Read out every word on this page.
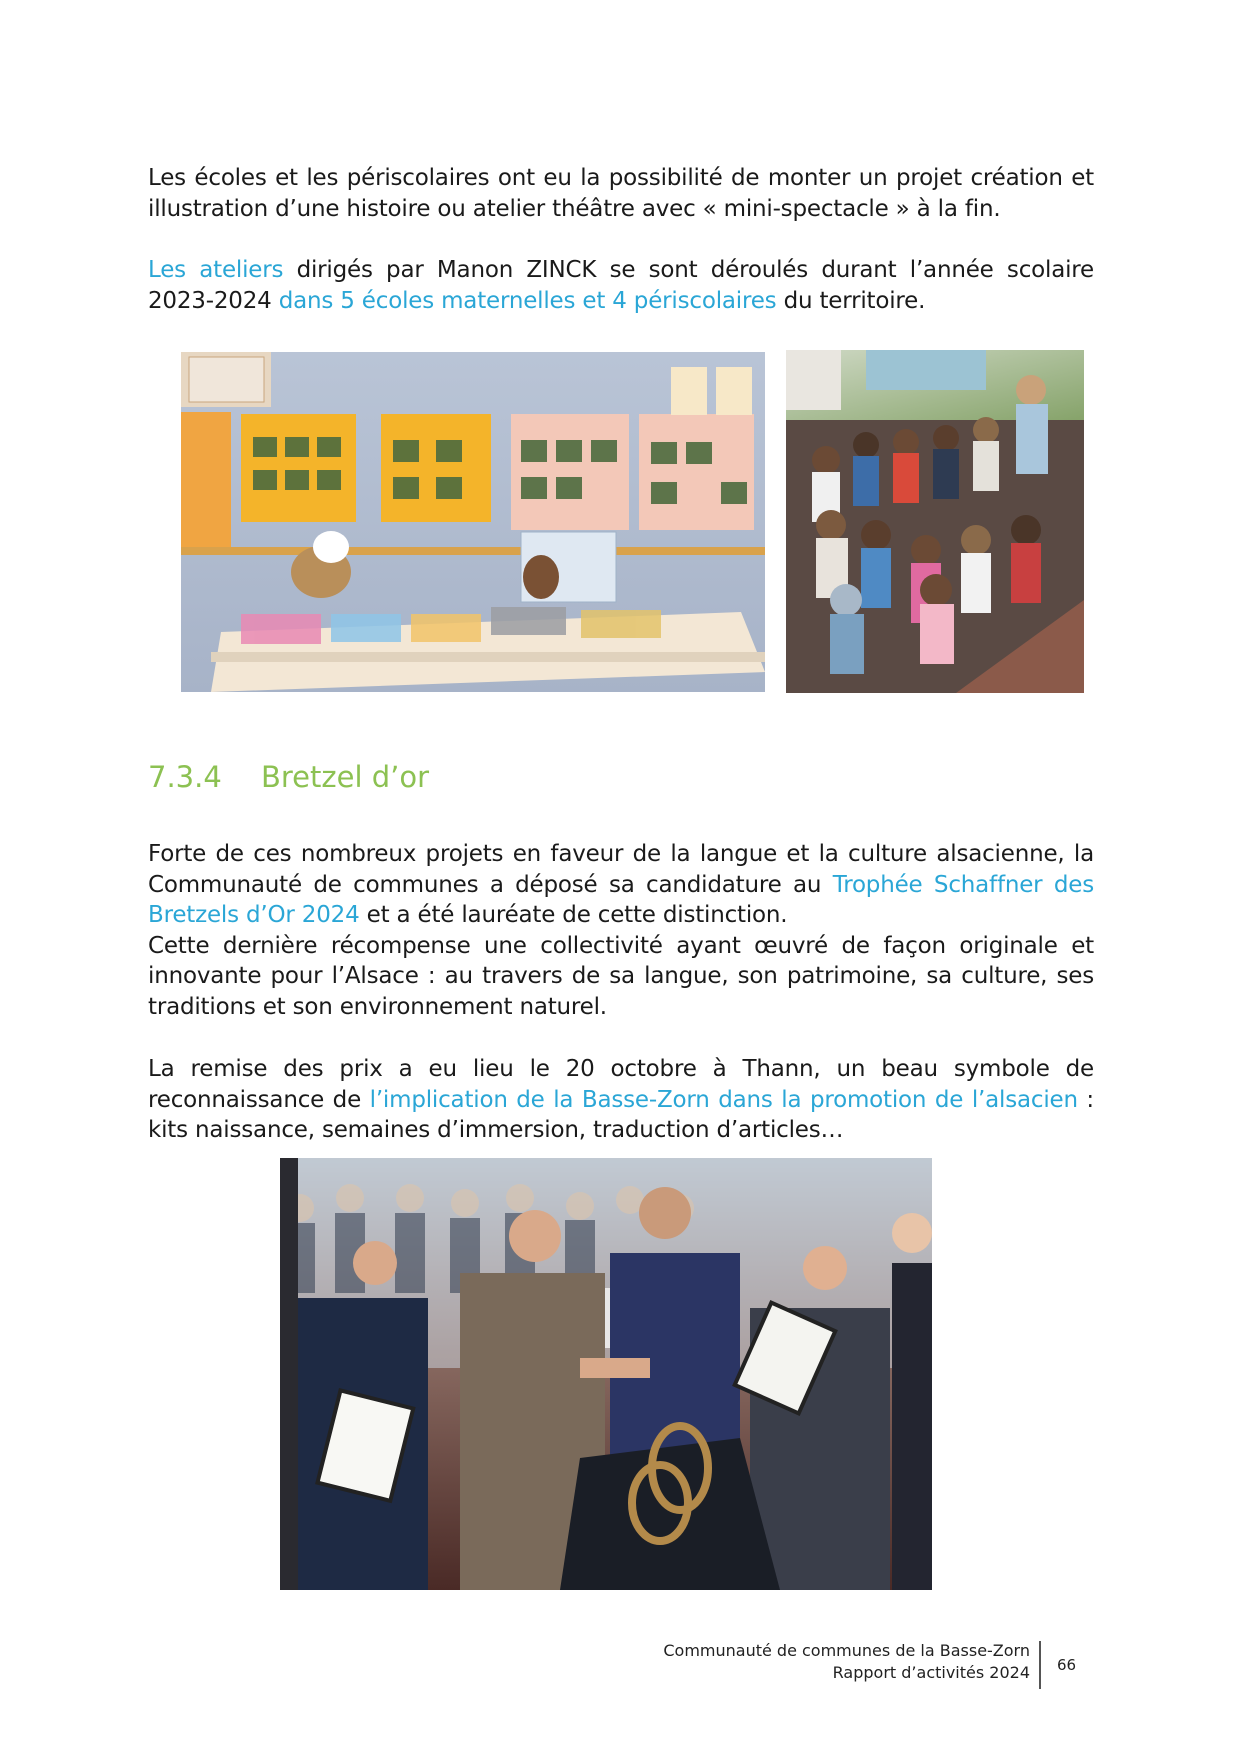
Les écoles et les périscolaires ont eu la possibilité de monter un projet création et illustration d’une histoire ou atelier théâtre avec « mini-spectacle » à la fin.

Les ateliers dirigés par Manon ZINCK se sont déroulés durant l’année scolaire 2023-2024 dans 5 écoles maternelles et 4 périscolaires du territoire.

7.3.4 Bretzel d’or

Forte de ces nombreux projets en faveur de la langue et la culture alsacienne, la Communauté de communes a déposé sa candidature au Trophée Schaffner des Bretzels d’Or 2024 et a été lauréate de cette distinction.
Cette dernière récompense une collectivité ayant œuvré de façon originale et innovante pour l’Alsace : au travers de sa langue, son patrimoine, sa culture, ses traditions et son environnement naturel.

La remise des prix a eu lieu le 20 octobre à Thann, un beau symbole de reconnaissance de l’implication de la Basse-Zorn dans la promotion de l’alsacien : kits naissance, semaines d’immersion, traduction d’articles…

Communauté de communes de la Basse-Zorn
Rapport d’activités 2024 66
